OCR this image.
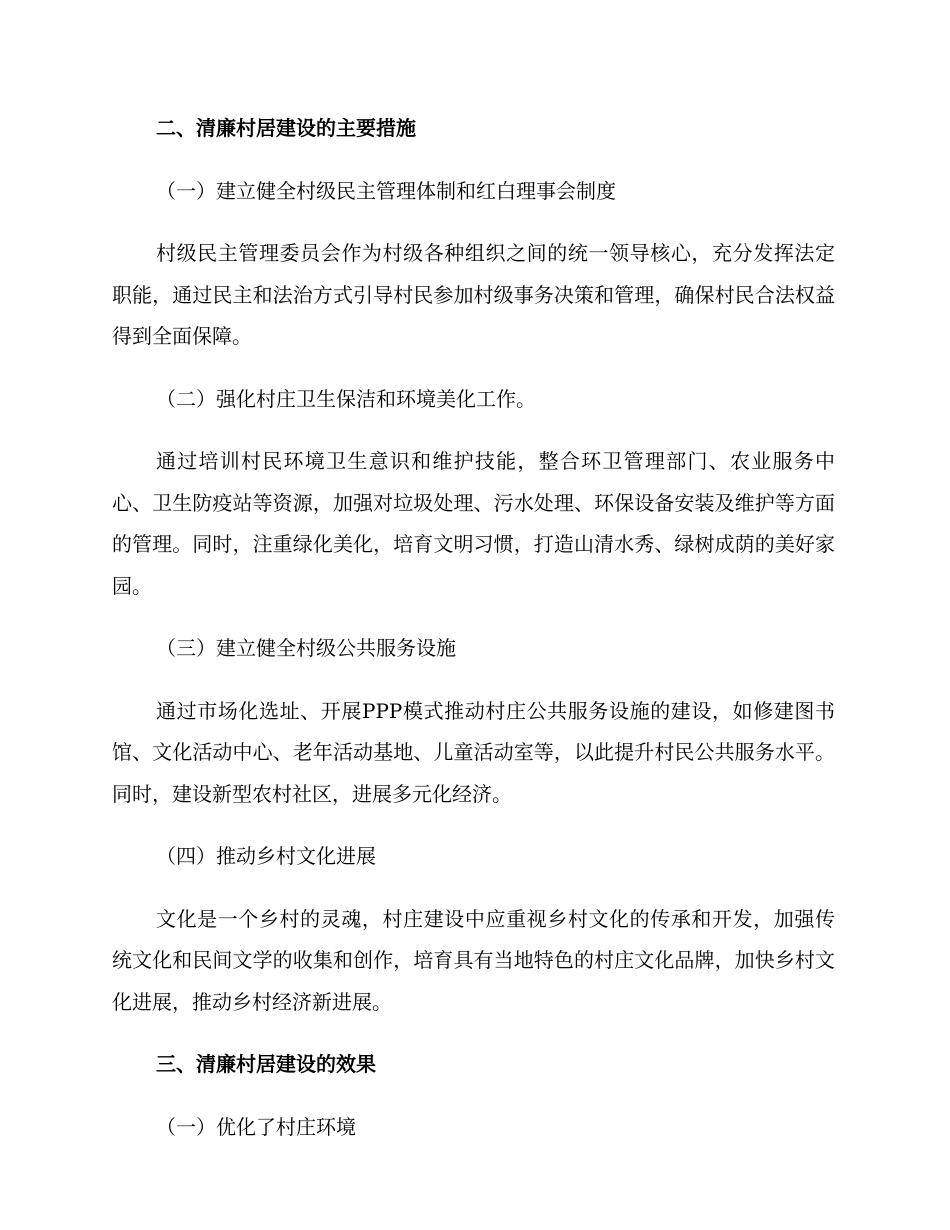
二、清廉村居建设的主要措施
（一）建立健全村级民主管理体制和红白理事会制度
村级民主管理委员会作为村级各种组织之间的统一领导核心，充分发挥法定职能，通过民主和法治方式引导村民参加村级事务决策和管理，确保村民合法权益得到全面保障。
（二）强化村庄卫生保洁和环境美化工作。
通过培训村民环境卫生意识和维护技能，整合环卫管理部门、农业服务中心、卫生防疫站等资源，加强对垃圾处理、污水处理、环保设备安装及维护等方面的管理。同时，注重绿化美化，培育文明习惯，打造山清水秀、绿树成荫的美好家园。
（三）建立健全村级公共服务设施
通过市场化选址、开展PPP模式推动村庄公共服务设施的建设，如修建图书馆、文化活动中心、老年活动基地、儿童活动室等，以此提升村民公共服务水平。同时，建设新型农村社区，进展多元化经济。
（四）推动乡村文化进展
文化是一个乡村的灵魂，村庄建设中应重视乡村文化的传承和开发，加强传统文化和民间文学的收集和创作，培育具有当地特色的村庄文化品牌，加快乡村文化进展，推动乡村经济新进展。
三、清廉村居建设的效果
（一）优化了村庄环境
